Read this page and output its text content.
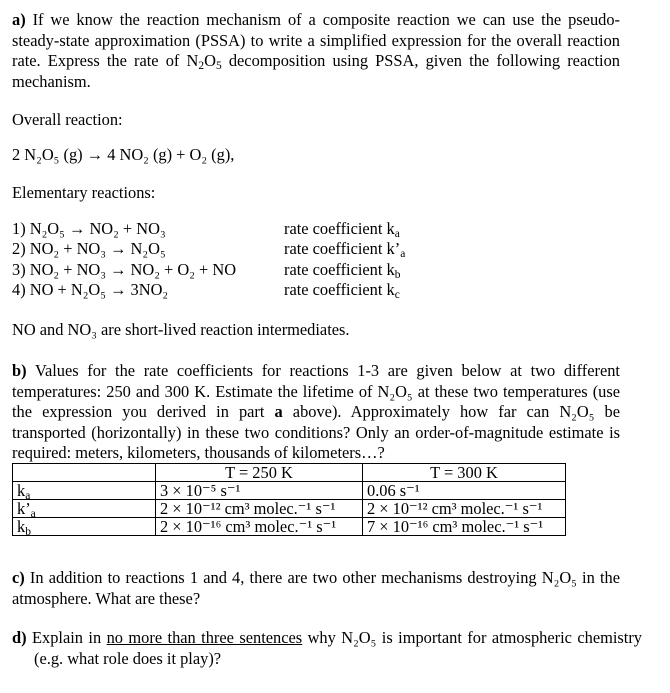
a) If we know the reaction mechanism of a composite reaction we can use the pseudo-steady-state approximation (PSSA) to write a simplified expression for the overall reaction rate. Express the rate of $N_2O_5$ decomposition using PSSA, given the following reaction mechanism.
Overall reaction:
2 N₂O₅ (g) → 4 NO₂ (g) + O₂ (g),
Elementary reactions:
1) N₂O₅ → NO₂ + NO₃	rate coefficient $k_a$
2) NO₂ + NO₃ → N₂O₅	rate coefficient $k’_a$
3) NO₂ + NO₃ → NO₂ + O₂ + NO	rate coefficient $k_b$
4) NO + N₂O₅ → 3NO₂	rate coefficient $k_c$
NO and NO₃ are short-lived reaction intermediates.
b) Values for the rate coefficients for reactions 1-3 are given below at two different temperatures: 250 and 300 K. Estimate the lifetime of N₂O₅ at these two temperatures (use the expression you derived in part a above). Approximately how far can N₂O₅ be transported (horizontally) in these two conditions? Only an order-of-magnitude estimate is required: meters, kilometers, thousands of kilometers…?
	T = 250 K	T = 300 K
$k_a$	3 × 10⁻⁵ s⁻¹	0.06 s⁻¹
$k’_a$	2 × 10⁻¹² cm³ molec.⁻¹ s⁻¹	2 × 10⁻¹² cm³ molec.⁻¹ s⁻¹
$k_b$	2 × 10⁻¹⁶ cm³ molec.⁻¹ s⁻¹	7 × 10⁻¹⁶ cm³ molec.⁻¹ s⁻¹
c) In addition to reactions 1 and 4, there are two other mechanisms destroying N₂O₅ in the atmosphere. What are these?
d) Explain in no more than three sentences why N₂O₅ is important for atmospheric chemistry (e.g. what role does it play)?
